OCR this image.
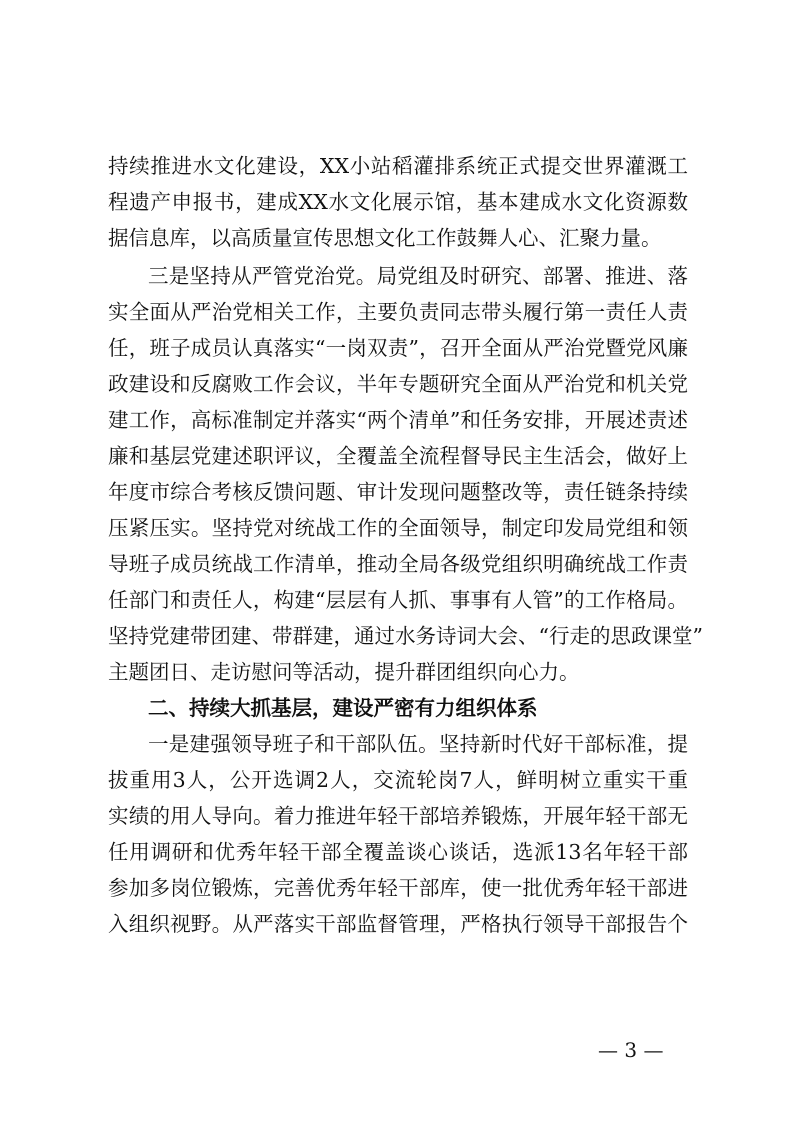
持续推进水文化建设，XX小站稻灌排系统正式提交世界灌溉工
程遗产申报书，建成XX水文化展示馆，基本建成水文化资源数
据信息库，以高质量宣传思想文化工作鼓舞人心、汇聚力量。
三是坚持从严管党治党。局党组及时研究、部署、推进、落
实全面从严治党相关工作，主要负责同志带头履行第一责任人责
任，班子成员认真落实“一岗双责”，召开全面从严治党暨党风廉
政建设和反腐败工作会议，半年专题研究全面从严治党和机关党
建工作，高标准制定并落实“两个清单”和任务安排，开展述责述
廉和基层党建述职评议，全覆盖全流程督导民主生活会，做好上
年度市综合考核反馈问题、审计发现问题整改等，责任链条持续
压紧压实。坚持党对统战工作的全面领导，制定印发局党组和领
导班子成员统战工作清单，推动全局各级党组织明确统战工作责
任部门和责任人，构建“层层有人抓、事事有人管”的工作格局。
坚持党建带团建、带群建，通过水务诗词大会、“行走的思政课堂”
主题团日、走访慰问等活动，提升群团组织向心力。
二、持续大抓基层，建设严密有力组织体系
一是建强领导班子和干部队伍。坚持新时代好干部标准，提
拔重用3人，公开选调2人，交流轮岗7人，鲜明树立重实干重
实绩的用人导向。着力推进年轻干部培养锻炼，开展年轻干部无
任用调研和优秀年轻干部全覆盖谈心谈话，选派13名年轻干部
参加多岗位锻炼，完善优秀年轻干部库，使一批优秀年轻干部进
入组织视野。从严落实干部监督管理，严格执行领导干部报告个
— 3 —
